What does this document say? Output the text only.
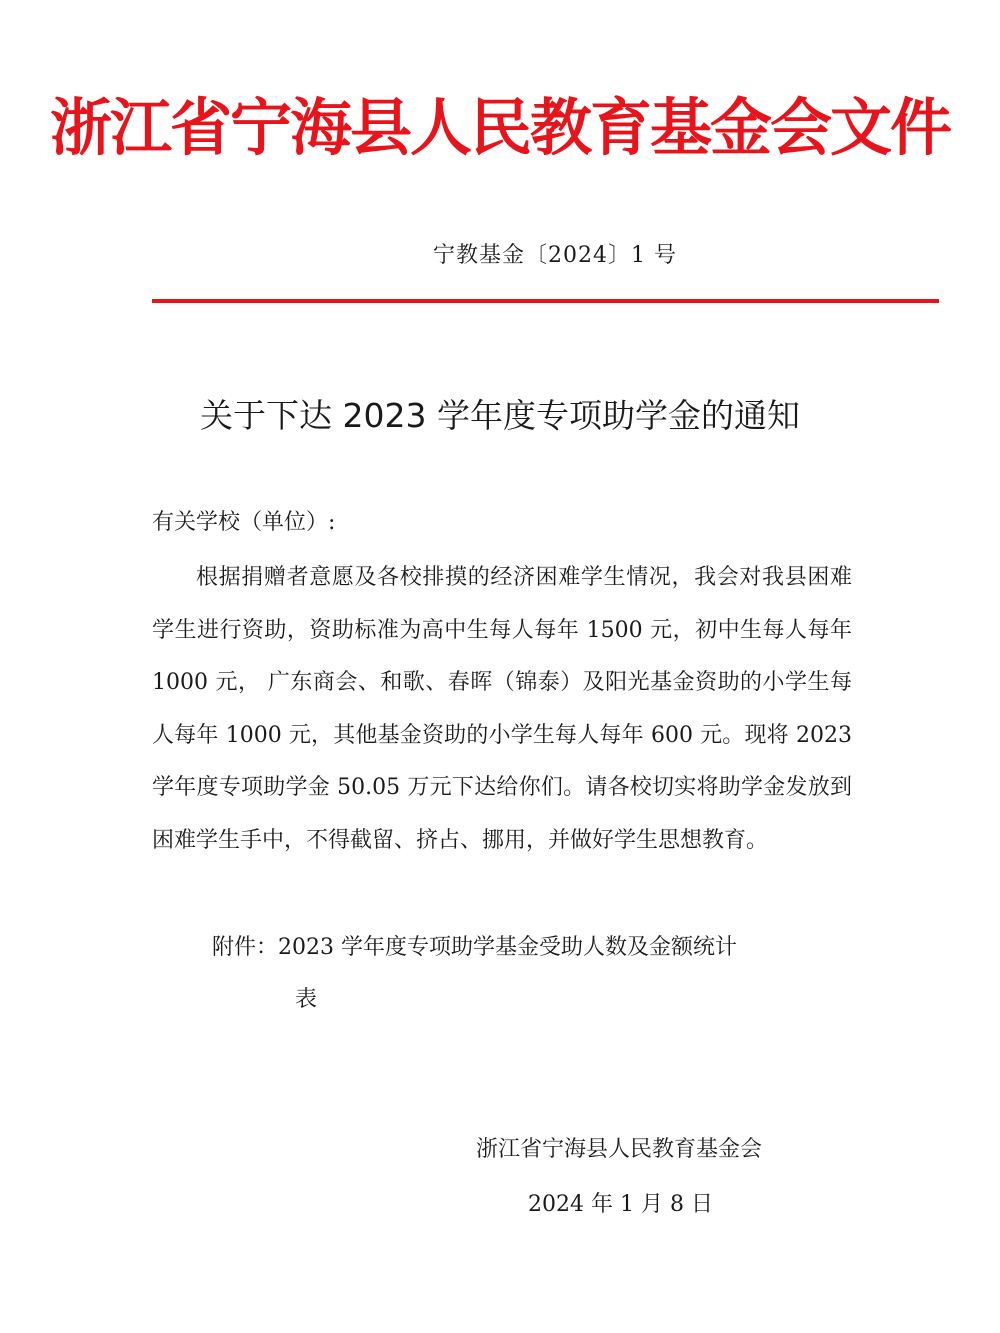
浙江省宁海县人民教育基金会文件
宁教基金〔2024〕1 号
关于下达 2023 学年度专项助学金的通知
有关学校（单位）:
根据捐赠者意愿及各校排摸的经济困难学生情况，我会对我县困难学生进行资助，资助标准为高中生每人每年 1500 元，初中生每人每年 1000 元， 广东商会、和歌、春晖（锦泰）及阳光基金资助的小学生每人每年 1000 元，其他基金资助的小学生每人每年 600 元。现将 2023 学年度专项助学金 50.05 万元下达给你们。请各校切实将助学金发放到困难学生手中，不得截留、挤占、挪用，并做好学生思想教育。
附件：2023 学年度专项助学基金受助人数及金额统计
表
浙江省宁海县人民教育基金会
2024 年 1 月 8 日
